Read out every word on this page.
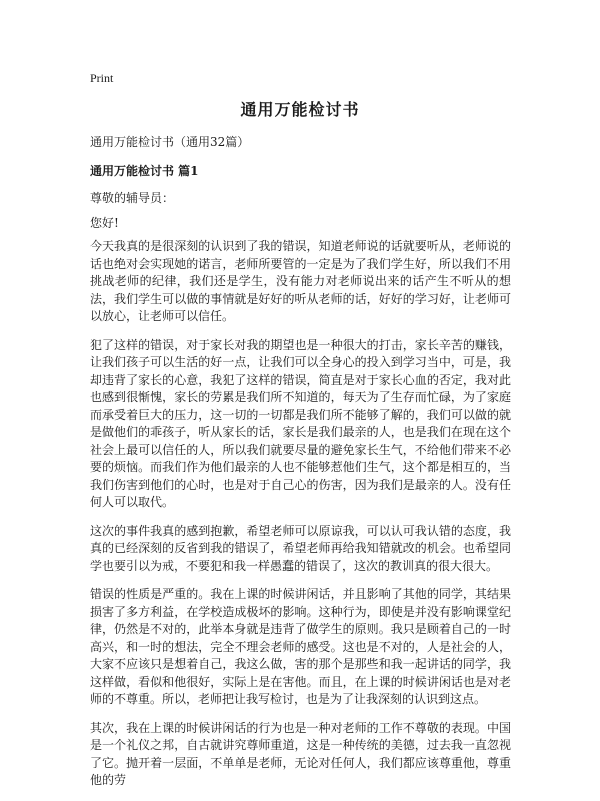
Print
通用万能检讨书
通用万能检讨书（通用32篇）
通用万能检讨书 篇1
尊敬的辅导员：
您好!

今天我真的是很深刻的认识到了我的错误，知道老师说的话就要听从，老师说的话也绝对会实现她的诺言，老师所要管的一定是为了我们学生好，所以我们不用挑战老师的纪律，我们还是学生，没有能力对老师说出来的话产生不听从的想法，我们学生可以做的事情就是好好的听从老师的话，好好的学习好，让老师可以放心，让老师可以信任。

犯了这样的错误，对于家长对我的期望也是一种很大的打击，家长辛苦的赚钱，让我们孩子可以生活的好一点，让我们可以全身心的投入到学习当中，可是，我却违背了家长的心意，我犯了这样的错误，简直是对于家长心血的否定，我对此也感到很惭愧，家长的劳累是我们所不知道的，每天为了生存而忙碌，为了家庭而承受着巨大的压力，这一切的一切都是我们所不能够了解的，我们可以做的就是做他们的乖孩子，听从家长的话，家长是我们最亲的人，也是我们在现在这个社会上最可以信任的人，所以我们就要尽量的避免家长生气，不给他们带来不必要的烦恼。而我们作为他们最亲的人也不能够惹他们生气，这个都是相互的，当我们伤害到他们的心时，也是对于自己心的伤害，因为我们是最亲的人。没有任何人可以取代。

这次的事件我真的感到抱歉，希望老师可以原谅我，可以认可我认错的态度，我真的已经深刻的反省到我的错误了，希望老师再给我知错就改的机会。也希望同学也要引以为戒，不要犯和我一样愚蠢的错误了，这次的教训真的很大很大。

错误的性质是严重的。我在上课的时候讲闲话，并且影响了其他的同学，其结果损害了多方利益，在学校造成极坏的影响。这种行为，即使是并没有影响课堂纪律，仍然是不对的，此举本身就是违背了做学生的原则。我只是顾着自己的一时高兴，和一时的想法，完全不理会老师的感受。这也是不对的，人是社会的人，大家不应该只是想着自己，我这么做，害的那个是那些和我一起讲话的同学，我这样做，看似和他很好，实际上是在害他。而且，在上课的时候讲闲话也是对老师的不尊重。所以，老师把让我写检讨，也是为了让我深刻的认识到这点。

其次，我在上课的时候讲闲话的行为也是一种对老师的工作不尊敬的表现。中国是一个礼仪之邦，自古就讲究尊师重道，这是一种传统的美德，过去我一直忽视了它。抛开着一层面，不单单是老师，无论对任何人，我们都应该尊重他，尊重他的劳
